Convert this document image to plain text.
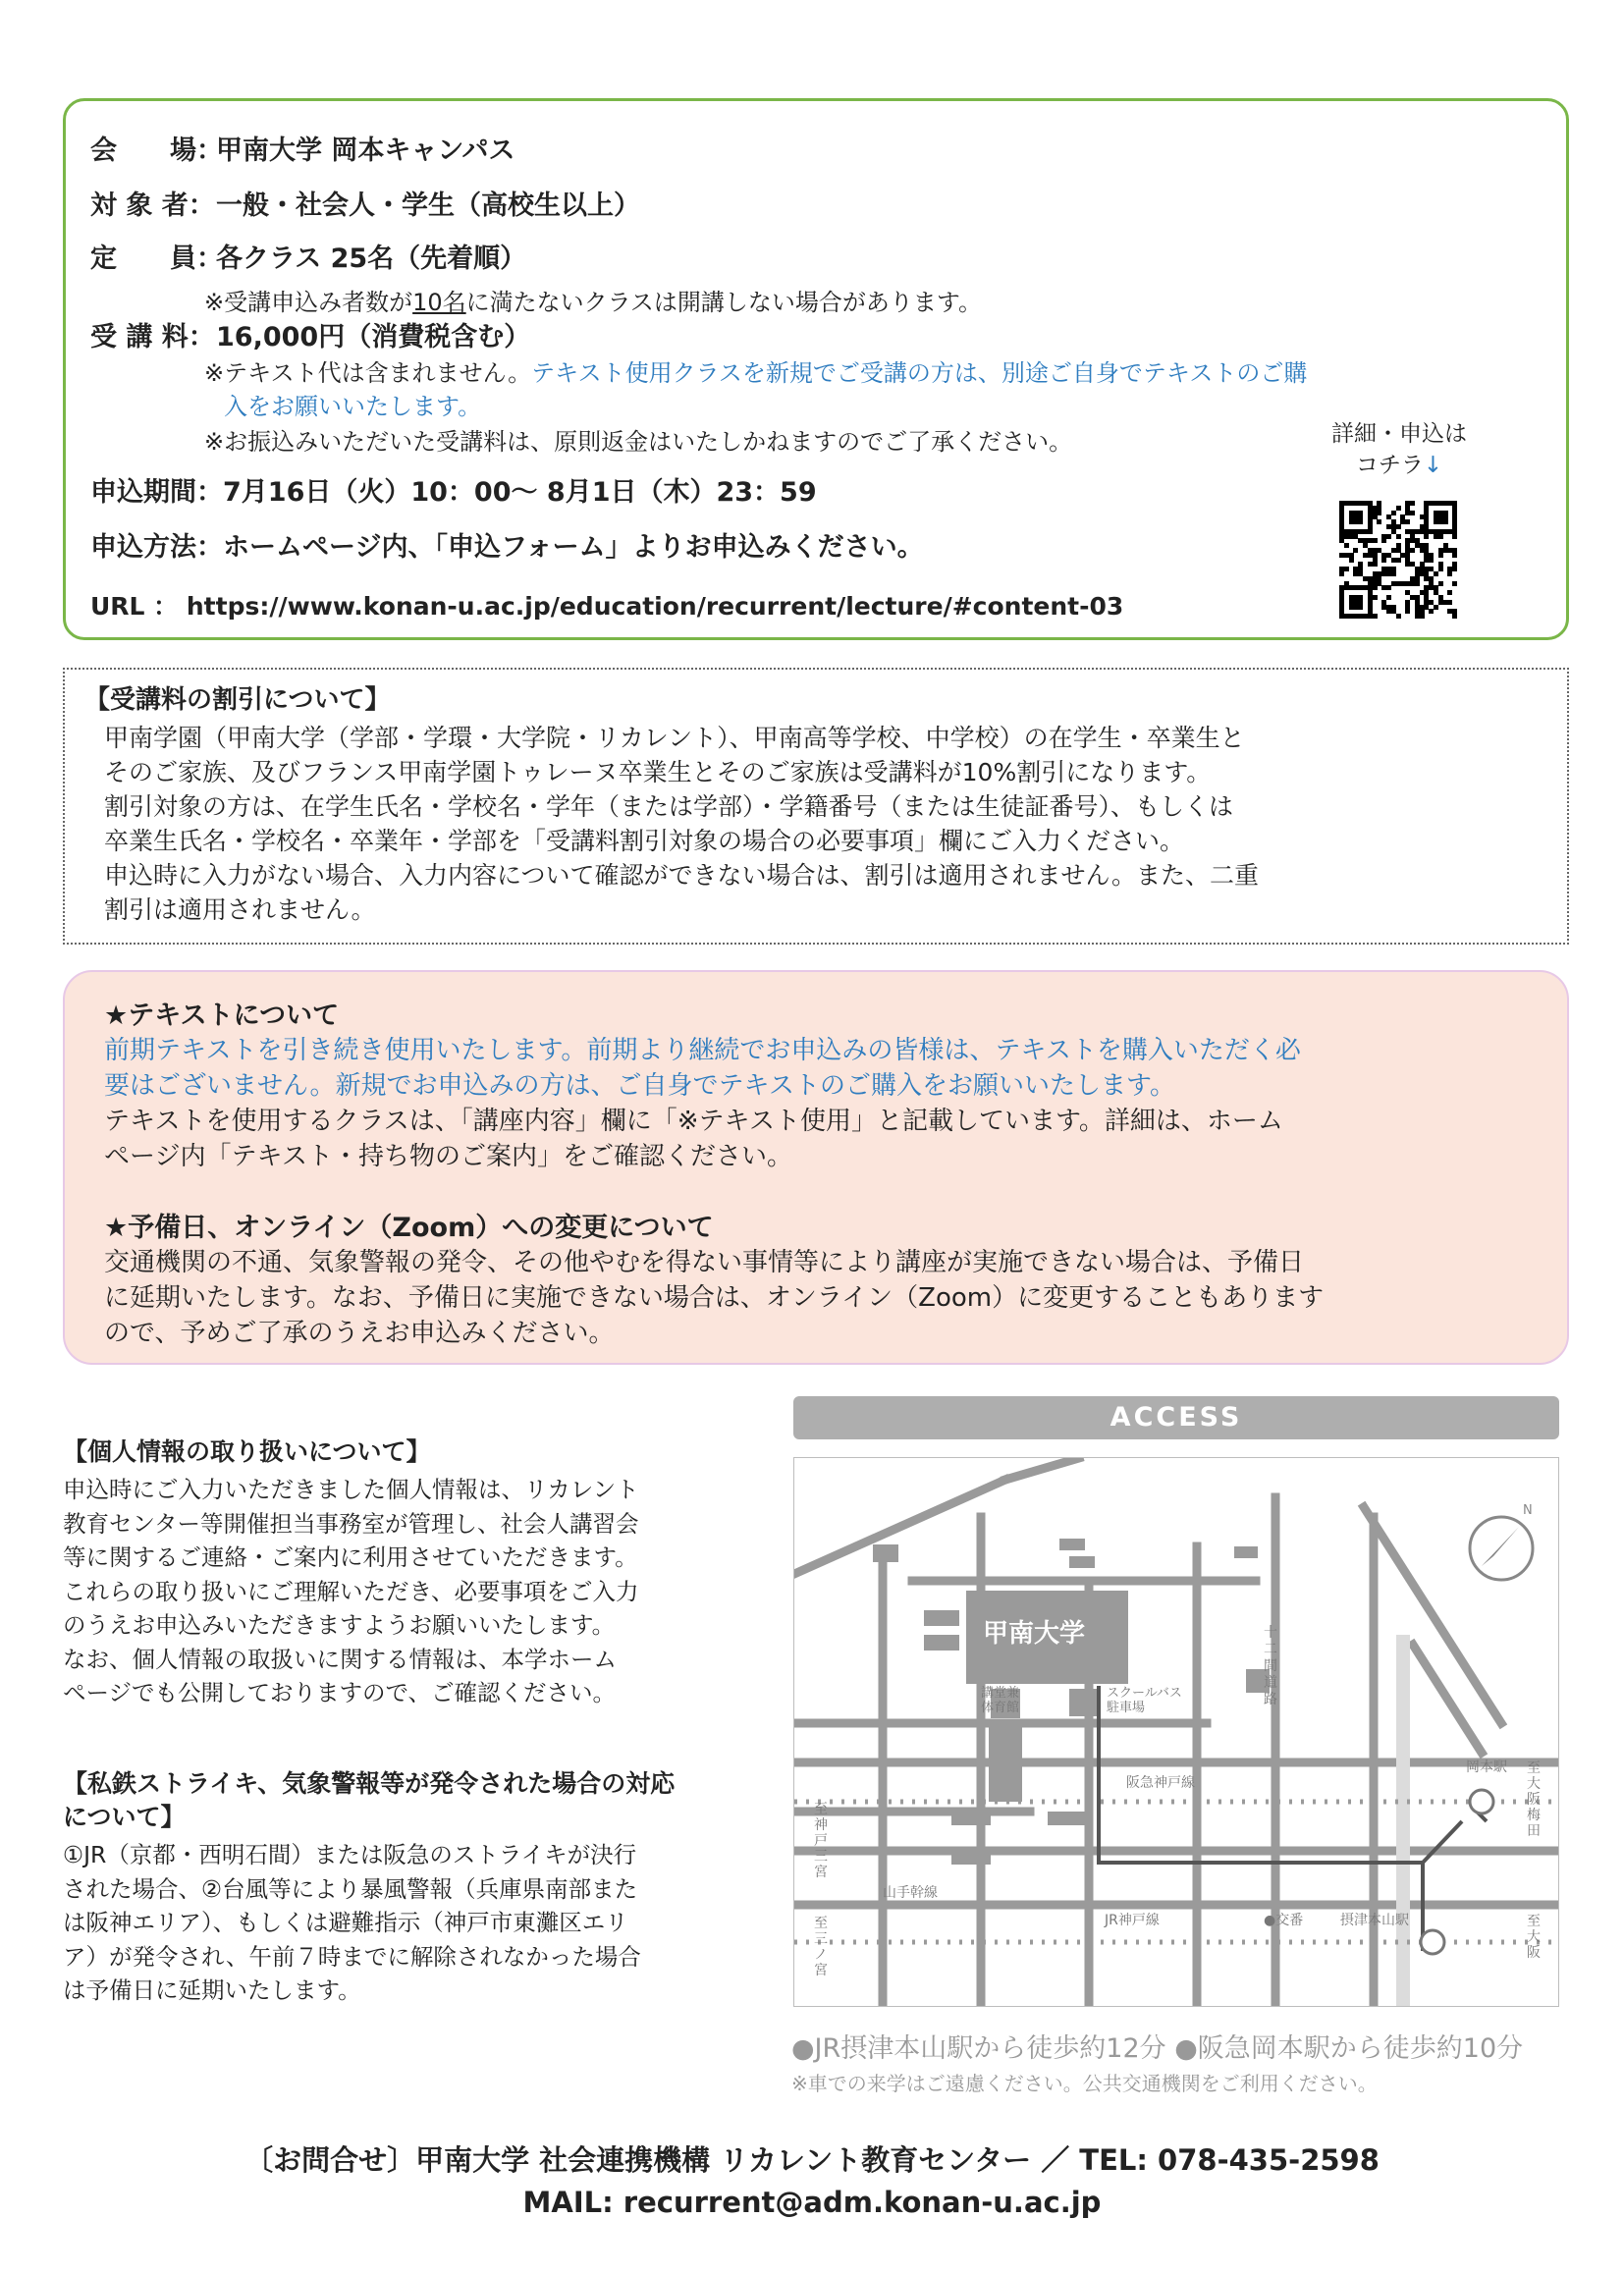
会　　場：甲南大学 岡本キャンパス
対 象 者：一般・社会人・学生（高校生以上）
定　　員：各クラス 25名（先着順）
※受講申込み者数が10名に満たないクラスは開講しない場合があります。
受 講 料：16,000円（消費税含む）
※テキスト代は含まれません。テキスト使用クラスを新規でご受講の方は、別途ご自身でテキストのご購
入をお願いいたします。
※お振込みいただいた受講料は、原則返金はいたしかねますのでご了承ください。
申込期間：7月16日（火）10：00～ 8月1日（木）23：59
申込方法：ホームページ内、「申込フォーム」よりお申込みください。
URL ： https://www.konan-u.ac.jp/education/recurrent/lecture/#content-03
詳細・申込は
コチラ↓
【受講料の割引について】
甲南学園（甲南大学（学部・学環・大学院・リカレント）、甲南高等学校、中学校）の在学生・卒業生と
そのご家族、及びフランス甲南学園トゥレーヌ卒業生とそのご家族は受講料が10%割引になります。
割引対象の方は、在学生氏名・学校名・学年（または学部）・学籍番号（または生徒証番号）、もしくは
卒業生氏名・学校名・卒業年・学部を「受講料割引対象の場合の必要事項」欄にご入力ください。
申込時に入力がない場合、入力内容について確認ができない場合は、割引は適用されません。また、二重
割引は適用されません。
★テキストについて
前期テキストを引き続き使用いたします。前期より継続でお申込みの皆様は、テキストを購入いただく必
要はございません。新規でお申込みの方は、ご自身でテキストのご購入をお願いいたします。
テキストを使用するクラスは、「講座内容」欄に「※テキスト使用」と記載しています。詳細は、ホーム
ページ内「テキスト・持ち物のご案内」をご確認ください。
★予備日、オンライン（Zoom）への変更について
交通機関の不通、気象警報の発令、その他やむを得ない事情等により講座が実施できない場合は、予備日
に延期いたします。なお、予備日に実施できない場合は、オンライン（Zoom）に変更することもあります
ので、予めご了承のうえお申込みください。
【個人情報の取り扱いについて】
申込時にご入力いただきました個人情報は、リカレント
教育センター等開催担当事務室が管理し、社会人講習会
等に関するご連絡・ご案内に利用させていただきます。
これらの取り扱いにご理解いただき、必要事項をご入力
のうえお申込みいただきますようお願いいたします。
なお、個人情報の取扱いに関する情報は、本学ホーム
ページでも公開しておりますので、ご確認ください。
【私鉄ストライキ、気象警報等が発令された場合の対応
について】
①JR（京都・西明石間）または阪急のストライキが決行
された場合、②台風等により暴風警報（兵庫県南部また
は阪神エリア）、もしくは避難指示（神戸市東灘区エリ
ア）が発令され、午前７時までに解除されなかった場合
は予備日に延期いたします。
ACCESS
甲南大学
講堂兼
体育館
スクールバス
駐車場
十二間道路
阪急神戸線
岡本駅 至大阪梅田
至神戸三宮
山手幹線
JR神戸線	●交番	摂津本山駅
至三ノ宮
至大阪
N
●JR摂津本山駅から徒歩約12分 ●阪急岡本駅から徒歩約10分
※車での来学はご遠慮ください。公共交通機関をご利用ください。
〔お問合せ〕甲南大学 社会連携機構 リカレント教育センター ／ TEL: 078-435-2598
MAIL: recurrent@adm.konan-u.ac.jp
